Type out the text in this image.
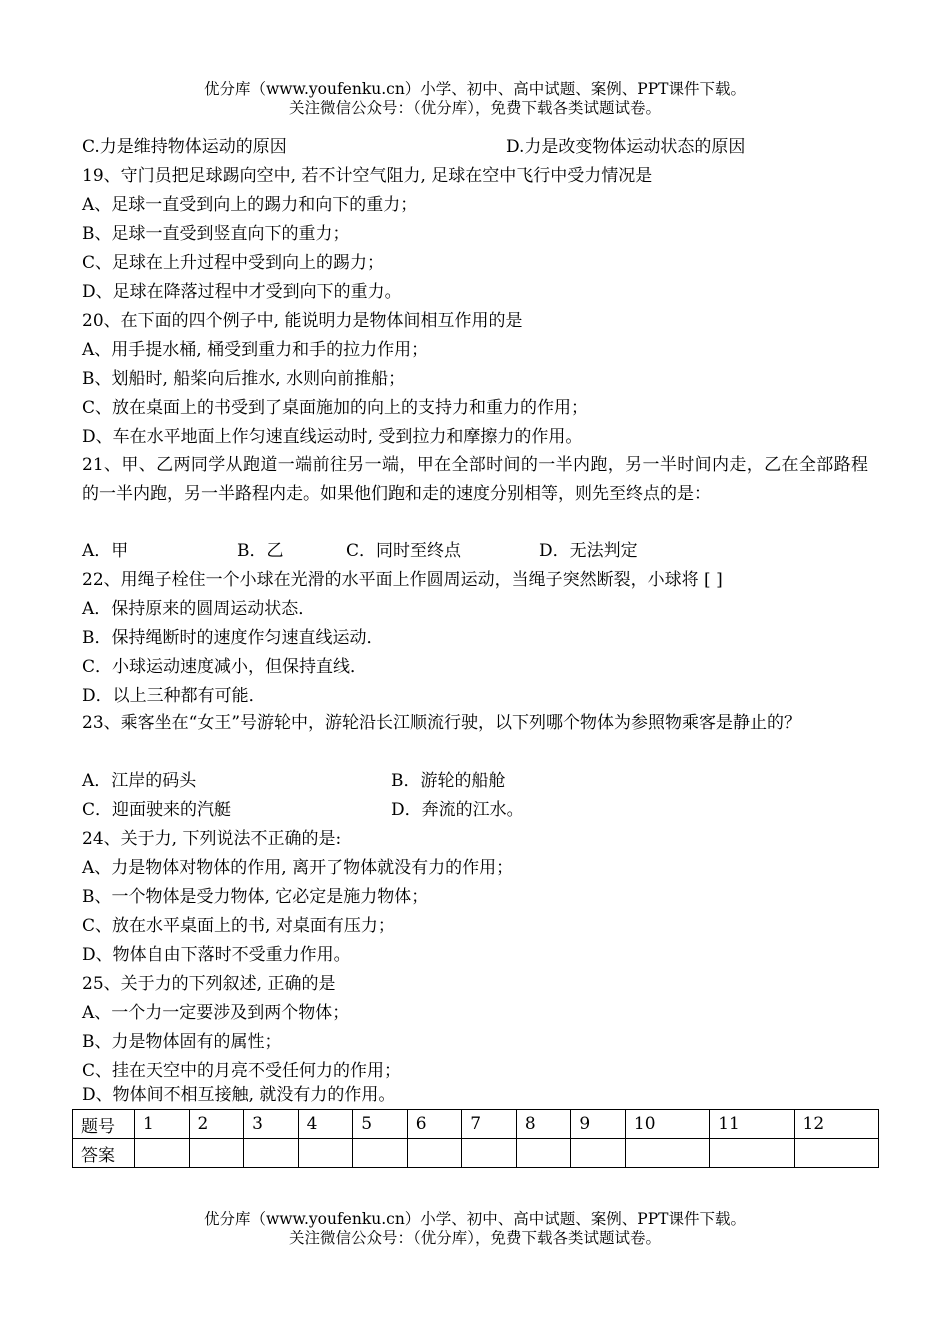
优分库（www.youfenku.cn）小学、初中、高中试题、案例、PPT课件下载。
关注微信公众号：（优分库），免费下载各类试题试卷。
C.力是维持物体运动的原因	D.力是改变物体运动状态的原因
19、守门员把足球踢向空中, 若不计空气阻力, 足球在空中飞行中受力情况是
A、足球一直受到向上的踢力和向下的重力；
B、足球一直受到竖直向下的重力；
C、足球在上升过程中受到向上的踢力；
D、足球在降落过程中才受到向下的重力。
20、在下面的四个例子中, 能说明力是物体间相互作用的是
A、用手提水桶, 桶受到重力和手的拉力作用；
B、划船时, 船桨向后推水, 水则向前推船；
C、放在桌面上的书受到了桌面施加的向上的支持力和重力的作用；
D、车在水平地面上作匀速直线运动时, 受到拉力和摩擦力的作用。
21、甲、乙两同学从跑道一端前往另一端，甲在全部时间的一半内跑，另一半时间内走，乙在全部路程的一半内跑，另一半路程内走。如果他们跑和走的速度分别相等，则先至终点的是：
A．甲	B．乙	C．同时至终点	D．无法判定
22、用绳子栓住一个小球在光滑的水平面上作圆周运动，当绳子突然断裂，小球将 [ ]
A．保持原来的圆周运动状态．
B．保持绳断时的速度作匀速直线运动．
C．小球运动速度减小，但保持直线．
D．以上三种都有可能．
23、乘客坐在“女王”号游轮中，游轮沿长江顺流行驶，以下列哪个物体为参照物乘客是静止的？
A．江岸的码头	B．游轮的船舱
C．迎面驶来的汽艇	D．奔流的江水。
24、关于力, 下列说法不正确的是:
A、力是物体对物体的作用, 离开了物体就没有力的作用；
B、一个物体是受力物体, 它必定是施力物体；
C、放在水平桌面上的书, 对桌面有压力；
D、物体自由下落时不受重力作用。
25、关于力的下列叙述, 正确的是
A、一个力一定要涉及到两个物体；
B、力是物体固有的属性；
C、挂在天空中的月亮不受任何力的作用；
D、物体间不相互接触, 就没有力的作用。
题号	1	2	3	4	5	6	7	8	9	10	11	12
答案												
优分库（www.youfenku.cn）小学、初中、高中试题、案例、PPT课件下载。
关注微信公众号：（优分库），免费下载各类试题试卷。
